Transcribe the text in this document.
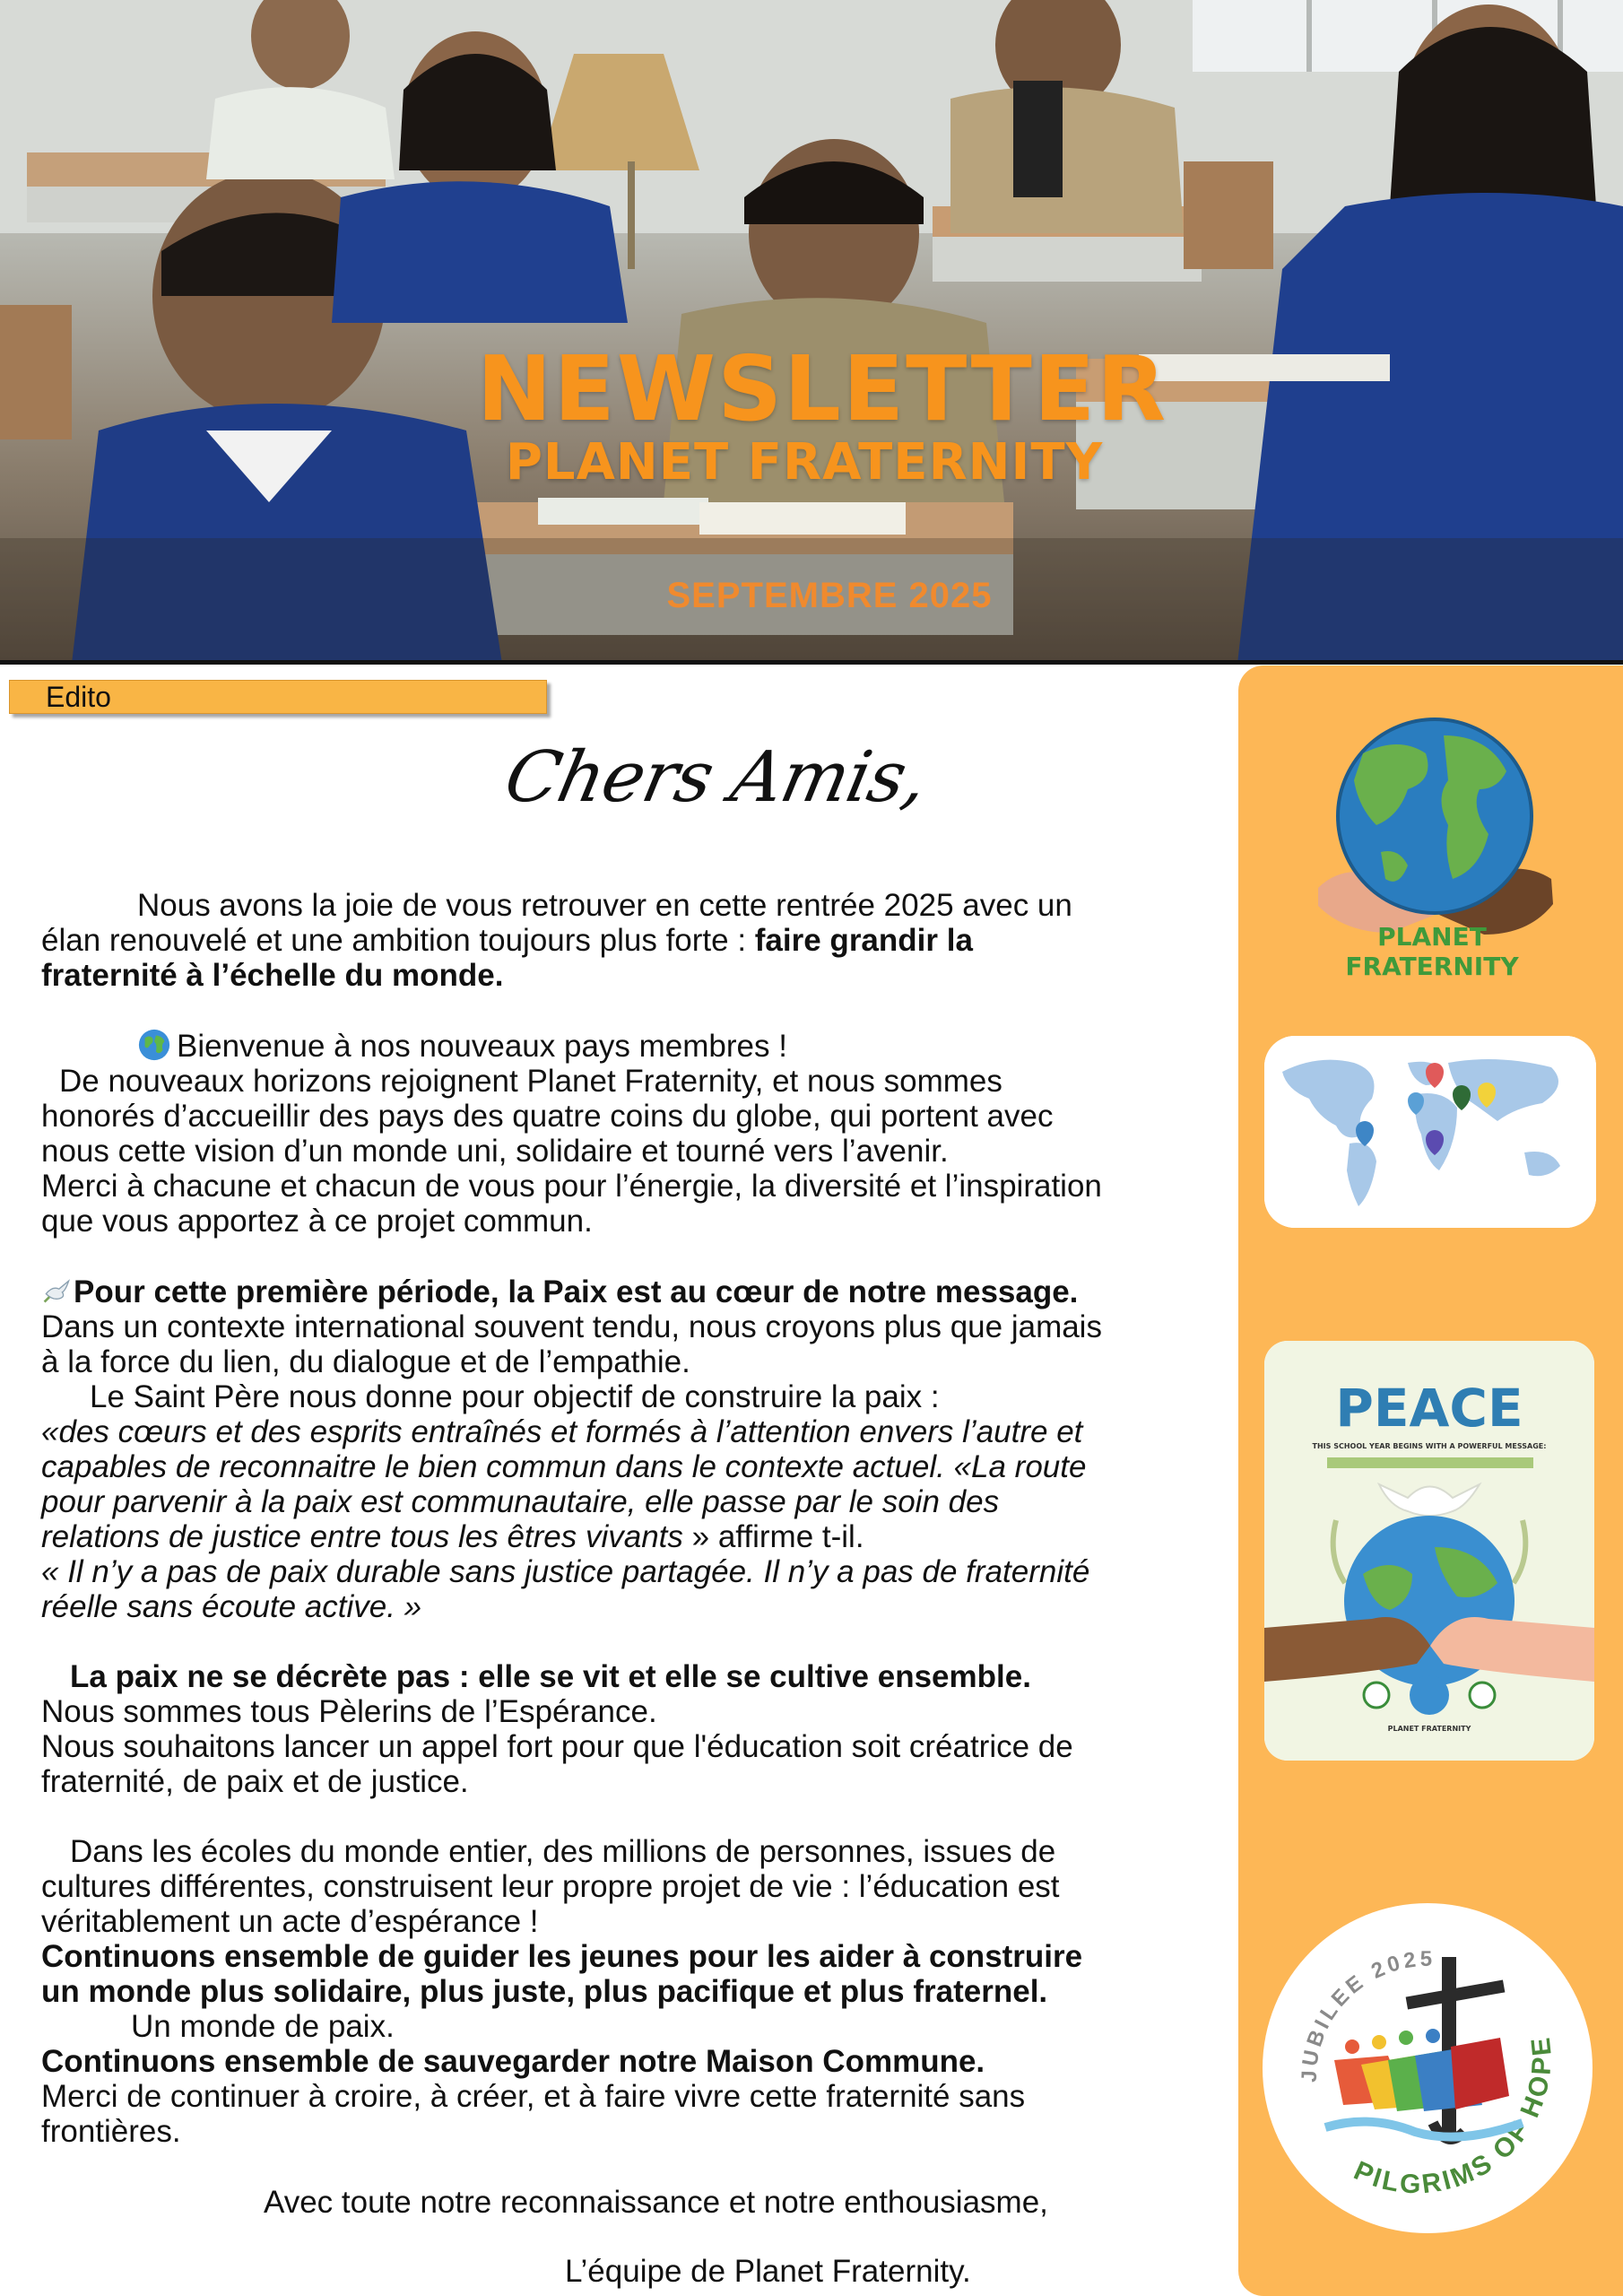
NEWSLETTER
PLANET FRATERNITY
SEPTEMBRE 2025
Edito
Chers Amis,

Nous avons la joie de vous retrouver en cette rentrée 2025 avec un

élan renouvelé et une ambition toujours plus forte : faire grandir la

fraternité à l’échelle du monde.

Bienvenue à nos nouveaux pays membres !

De nouveaux horizons rejoignent Planet Fraternity, et nous sommes

honorés d’accueillir des pays des quatre coins du globe, qui portent avec

nous cette vision d’un monde uni, solidaire et tourné vers l’avenir.

Merci à chacune et chacun de vous pour l’énergie, la diversité et l’inspiration

que vous apportez à ce projet commun.

Pour cette première période, la Paix est au cœur de notre message.

Dans un contexte international souvent tendu, nous croyons plus que jamais

à la force du lien, du dialogue et de l’empathie.

Le Saint Père nous donne pour objectif de construire la paix :

«des cœurs et des esprits entraînés et formés à l’attention envers l’autre et

capables de reconnaitre le bien commun dans le contexte actuel. «La route

pour parvenir à la paix est communautaire, elle passe par le soin des

relations de justice entre tous les êtres vivants » affirme t-il.

« Il n’y a pas de paix durable sans justice partagée. Il n’y a pas de fraternité

réelle sans écoute active. »

La paix ne se décrète pas : elle se vit et elle se cultive ensemble.

Nous sommes tous Pèlerins de l’Espérance.

Nous souhaitons lancer un appel fort pour que l'éducation soit créatrice de

fraternité, de paix et de justice.

Dans les écoles du monde entier, des millions de personnes, issues de

cultures différentes, construisent leur propre projet de vie : l’éducation est

véritablement un acte d’espérance !

Continuons ensemble de guider les jeunes pour les aider à construire

un monde plus solidaire, plus juste, plus pacifique et plus fraternel.

Un monde de paix.

Continuons ensemble de sauvegarder notre Maison Commune.

Merci de continuer à croire, à créer, et à faire vivre cette fraternité sans

frontières.

Avec toute notre reconnaissance et notre enthousiasme,

L’équipe de Planet Fraternity.

PLANET FRATERNITY
PEACE
THIS SCHOOL YEAR BEGINS WITH A POWERFUL MESSAGE:
PLANET FRATERNITY
JUBILEE 2025
PILGRIMS OF HOPE
